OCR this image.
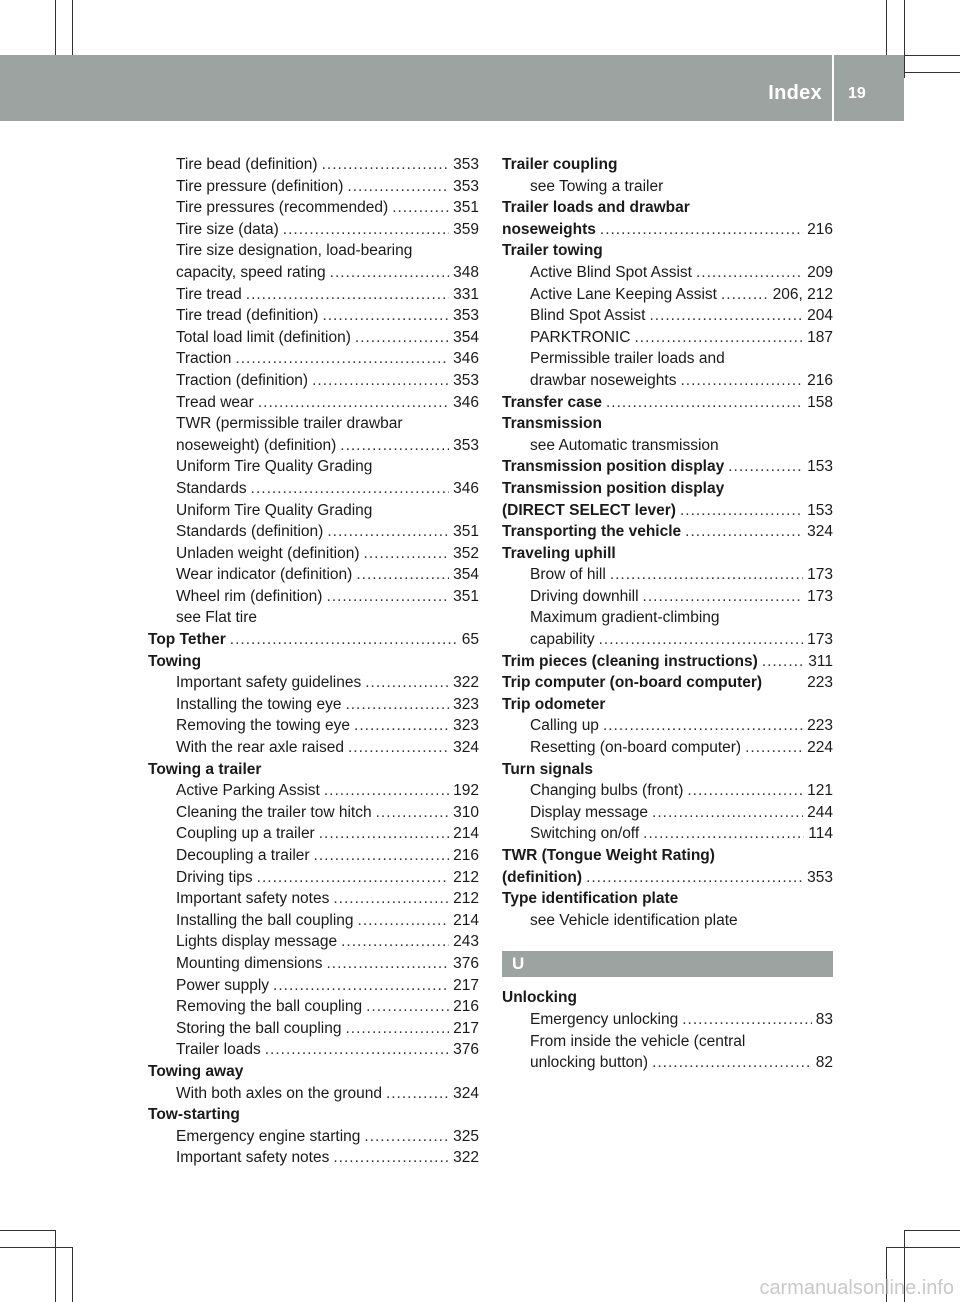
Index 19
Tire bead (definition) .....	353
Tire pressure (definition) .....	353
Tire pressures (recommended) .....	351
Tire size (data) .....	359
Tire size designation, load-bearing
capacity, speed rating .....	348
Tire tread .....	331
Tire tread (definition) .....	353
Total load limit (definition) .....	354
Traction .....	346
Traction (definition) .....	353
Tread wear .....	346
TWR (permissible trailer drawbar
noseweight) (definition) .....	353
Uniform Tire Quality Grading
Standards .....	346
Uniform Tire Quality Grading
Standards (definition) .....	351
Unladen weight (definition) .....	352
Wear indicator (definition) .....	354
Wheel rim (definition) .....	351
see Flat tire
Top Tether .....	65
Towing
Important safety guidelines .....	322
Installing the towing eye .....	323
Removing the towing eye .....	323
With the rear axle raised .....	324
Towing a trailer
Active Parking Assist .....	192
Cleaning the trailer tow hitch .....	310
Coupling up a trailer .....	214
Decoupling a trailer .....	216
Driving tips .....	212
Important safety notes .....	212
Installing the ball coupling .....	214
Lights display message .....	243
Mounting dimensions .....	376
Power supply .....	217
Removing the ball coupling .....	216
Storing the ball coupling .....	217
Trailer loads .....	376
Towing away
With both axles on the ground .....	324
Tow-starting
Emergency engine starting .....	325
Important safety notes .....	322
Trailer coupling
see Towing a trailer
Trailer loads and drawbar
noseweights .....	216
Trailer towing
Active Blind Spot Assist .....	209
Active Lane Keeping Assist .....	206, 212
Blind Spot Assist .....	204
PARKTRONIC .....	187
Permissible trailer loads and
drawbar noseweights .....	216
Transfer case .....	158
Transmission
see Automatic transmission
Transmission position display .....	153
Transmission position display
(DIRECT SELECT lever) .....	153
Transporting the vehicle .....	324
Traveling uphill
Brow of hill .....	173
Driving downhill .....	173
Maximum gradient-climbing
capability .....	173
Trim pieces (cleaning instructions) .....	311
Trip computer (on-board computer)	223
Trip odometer
Calling up .....	223
Resetting (on-board computer) .....	224
Turn signals
Changing bulbs (front) .....	121
Display message .....	244
Switching on/off .....	114
TWR (Tongue Weight Rating)
(definition) .....	353
Type identification plate
see Vehicle identification plate
U
Unlocking
Emergency unlocking .....	83
From inside the vehicle (central
unlocking button) .....	82
carmanualsonline.info
